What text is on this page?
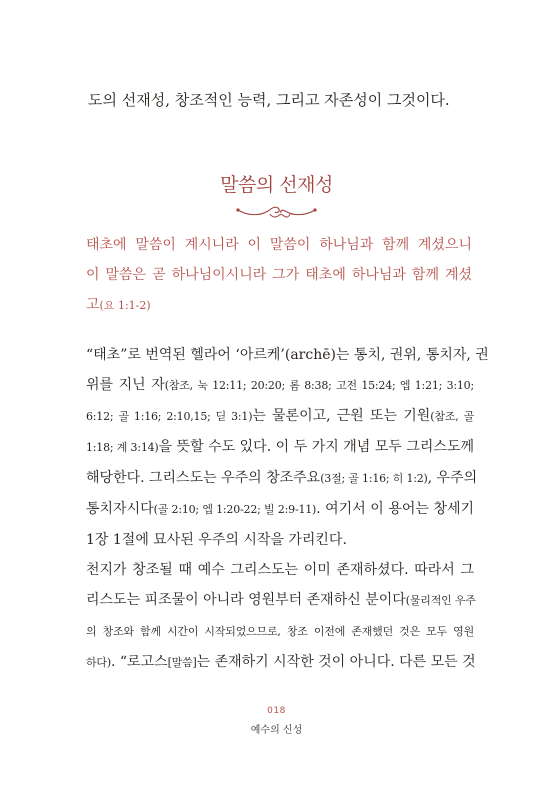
도의 선재성, 창조적인 능력, 그리고 자존성이 그것이다.
말씀의 선재성
태초에 말씀이 계시니라 이 말씀이 하나님과 함께 계셨으니
이 말씀은 곧 하나님이시니라 그가 태초에 하나님과 함께 계셨
고(요 1:1-2)
“태초”로 번역된 헬라어 ‘아르케’(archē)는 통치, 권위, 통치자, 권
위를 지닌 자(참조, 눅 12:11; 20:20; 롬 8:38; 고전 15:24; 엡 1:21; 3:10;
6:12; 골 1:16; 2:10,15; 딛 3:1)는 물론이고, 근원 또는 기원(참조, 골
1:18; 계 3:14)을 뜻할 수도 있다. 이 두 가지 개념 모두 그리스도께
해당한다. 그리스도는 우주의 창조주요(3절; 골 1:16; 히 1:2), 우주의
통치자시다(골 2:10; 엡 1:20-22; 빌 2:9-11). 여기서 이 용어는 창세기
1장 1절에 묘사된 우주의 시작을 가리킨다.
천지가 창조될 때 예수 그리스도는 이미 존재하셨다. 따라서 그
리스도는 피조물이 아니라 영원부터 존재하신 분이다(물리적인 우주
의 창조와 함께 시간이 시작되었으므로, 창조 이전에 존재했던 것은 모두 영원
하다). “로고스[말씀]는 존재하기 시작한 것이 아니다. 다른 모든 것
018
예수의 신성
